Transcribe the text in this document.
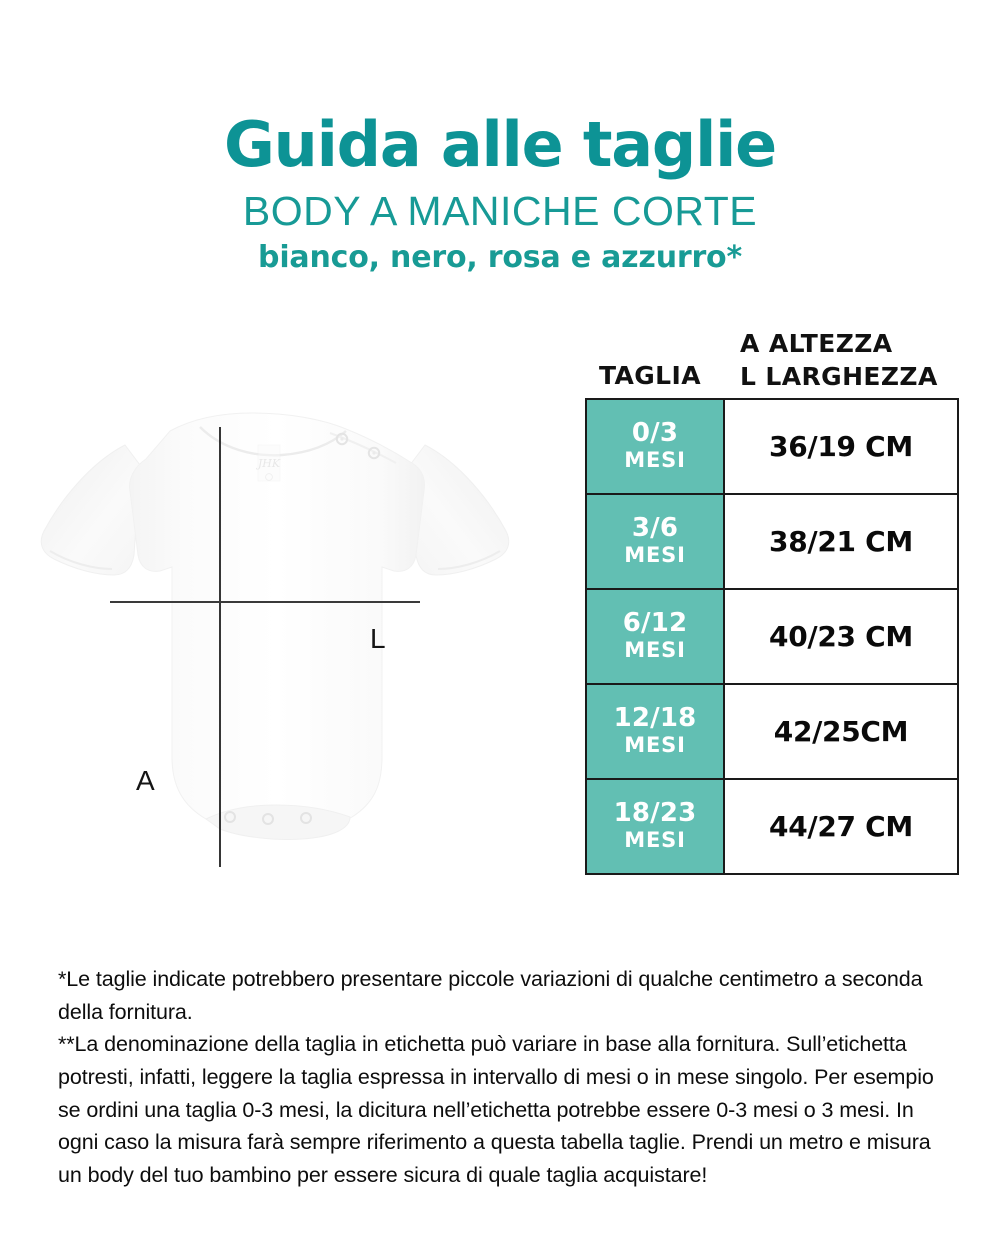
Guida alle taglie
BODY A MANICHE CORTE
bianco, nero, rosa e azzurro*
JHK
A
L
TAGLIA
A ALTEZZA
L LARGHEZZA
0/3
MESI	36/19 CM

3/6
MESI	38/21 CM

6/12
MESI	40/23 CM

12/18
MESI	42/25CM

18/23
MESI	44/27 CM

*Le taglie indicate potrebbero presentare piccole variazioni di qualche centimetro a seconda della fornitura.

**La denominazione della taglia in etichetta può variare in base alla fornitura. Sull’etichetta potresti, infatti, leggere la taglia espressa in intervallo di mesi o in mese singolo. Per esempio se ordini una taglia 0-3 mesi, la dicitura nell’etichetta potrebbe essere 0-3 mesi o 3 mesi. In ogni caso la misura farà sempre riferimento a questa tabella taglie. Prendi un metro e misura un body del tuo bambino per essere sicura di quale taglia acquistare!
